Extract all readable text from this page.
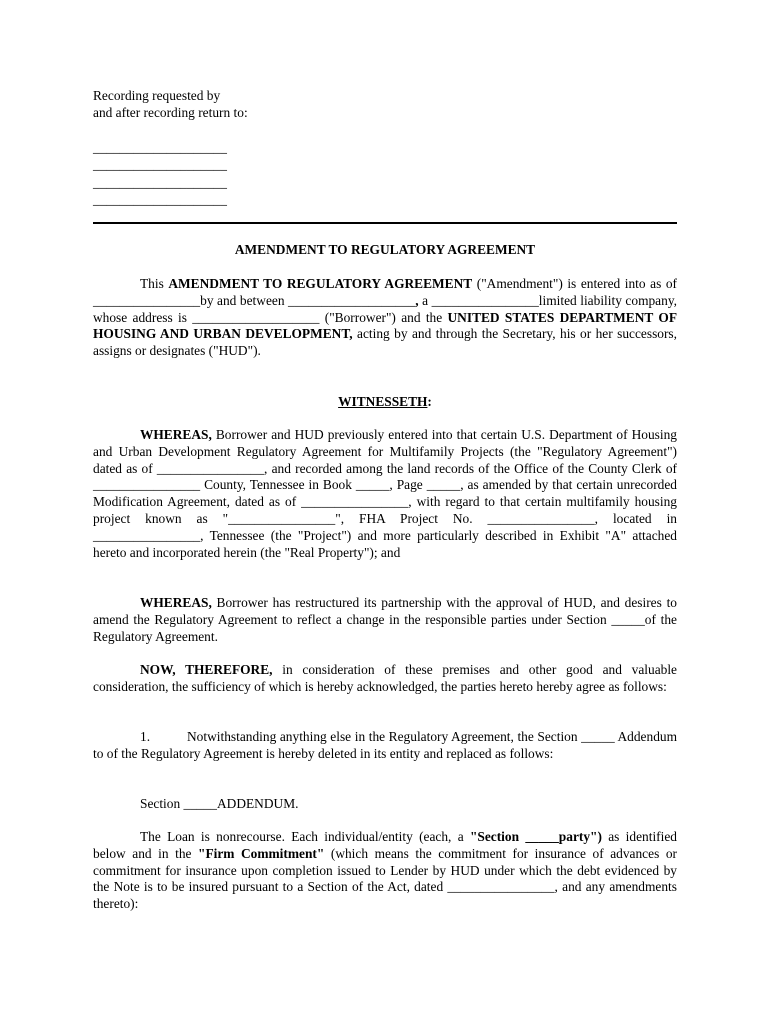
Recording requested by
and after recording return to:
____________________
____________________
____________________
____________________
AMENDMENT TO REGULATORY AGREEMENT

This AMENDMENT TO REGULATORY AGREEMENT ("Amendment") is entered into as of ________________by and between ___________________, a ________________limited liability company, whose address is ___________________ ("Borrower") and the UNITED STATES DEPARTMENT OF HOUSING AND URBAN DEVELOPMENT, acting by and through the Secretary, his or her successors, assigns or designates ("HUD").

WITNESSETH:

WHEREAS, Borrower and HUD previously entered into that certain U.S. Department of Housing and Urban Development Regulatory Agreement for Multifamily Projects (the "Regulatory Agreement") dated as of ________________, and recorded among the land records of the Office of the County Clerk of ________________ County, Tennessee in Book _____, Page _____, as amended by that certain unrecorded Modification Agreement, dated as of ________________, with regard to that certain multifamily housing project known as "________________", FHA Project No. ________________, located in ________________, Tennessee (the "Project") and more particularly described in Exhibit "A" attached hereto and incorporated herein (the "Real Property"); and

WHEREAS, Borrower has restructured its partnership with the approval of HUD, and desires to amend the Regulatory Agreement to reflect a change in the responsible parties under Section _____of the Regulatory Agreement.

NOW, THEREFORE, in consideration of these premises and other good and valuable consideration, the sufficiency of which is hereby acknowledged, the parties hereto hereby agree as follows:

1.	Notwithstanding anything else in the Regulatory Agreement, the Section _____ Addendum to of the Regulatory Agreement is hereby deleted in its entity and replaced as follows:

Section _____ADDENDUM.

The Loan is nonrecourse. Each individual/entity (each, a "Section _____party") as identified below and in the "Firm Commitment" (which means the commitment for insurance of advances or commitment for insurance upon completion issued to Lender by HUD under which the debt evidenced by the Note is to be insured pursuant to a Section of the Act, dated ________________, and any amendments thereto):
